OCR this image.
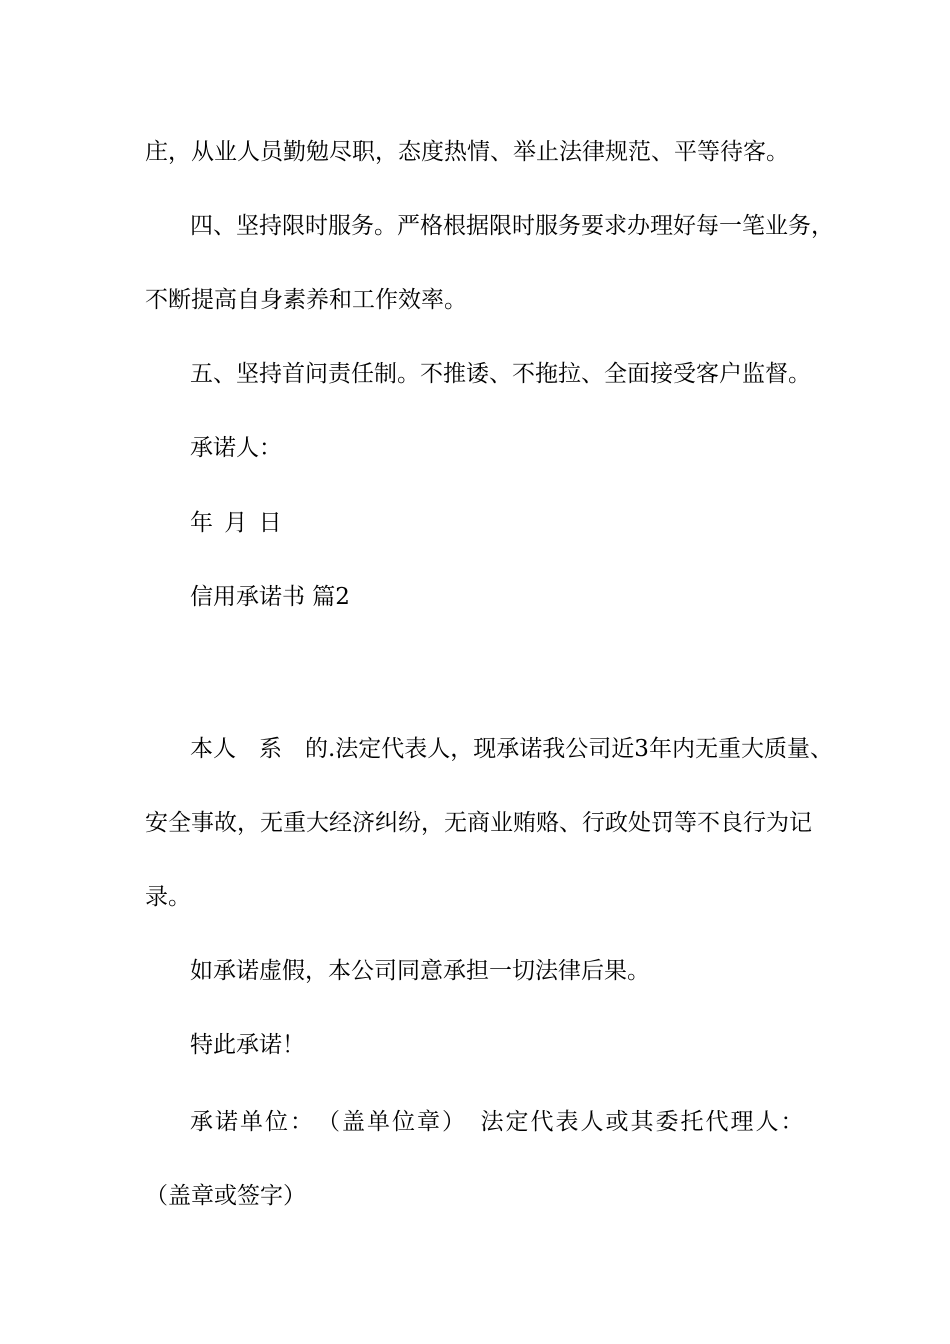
庄，从业人员勤勉尽职，态度热情、举止法律规范、平等待客。
四、坚持限时服务。严格根据限时服务要求办理好每一笔业务，
不断提高自身素养和工作效率。
五、坚持首问责任制。不推诿、不拖拉、全面接受客户监督。
承诺人：
年 月 日
信用承诺书 篇2
本人　系　的.法定代表人，现承诺我公司近3年内无重大质量、
安全事故，无重大经济纠纷，无商业贿赂、行政处罚等不良行为记
录。
如承诺虚假，本公司同意承担一切法律后果。
特此承诺！
承诺单位：　（盖单位章）　法定代表人或其委托代理人：
（盖章或签字）
